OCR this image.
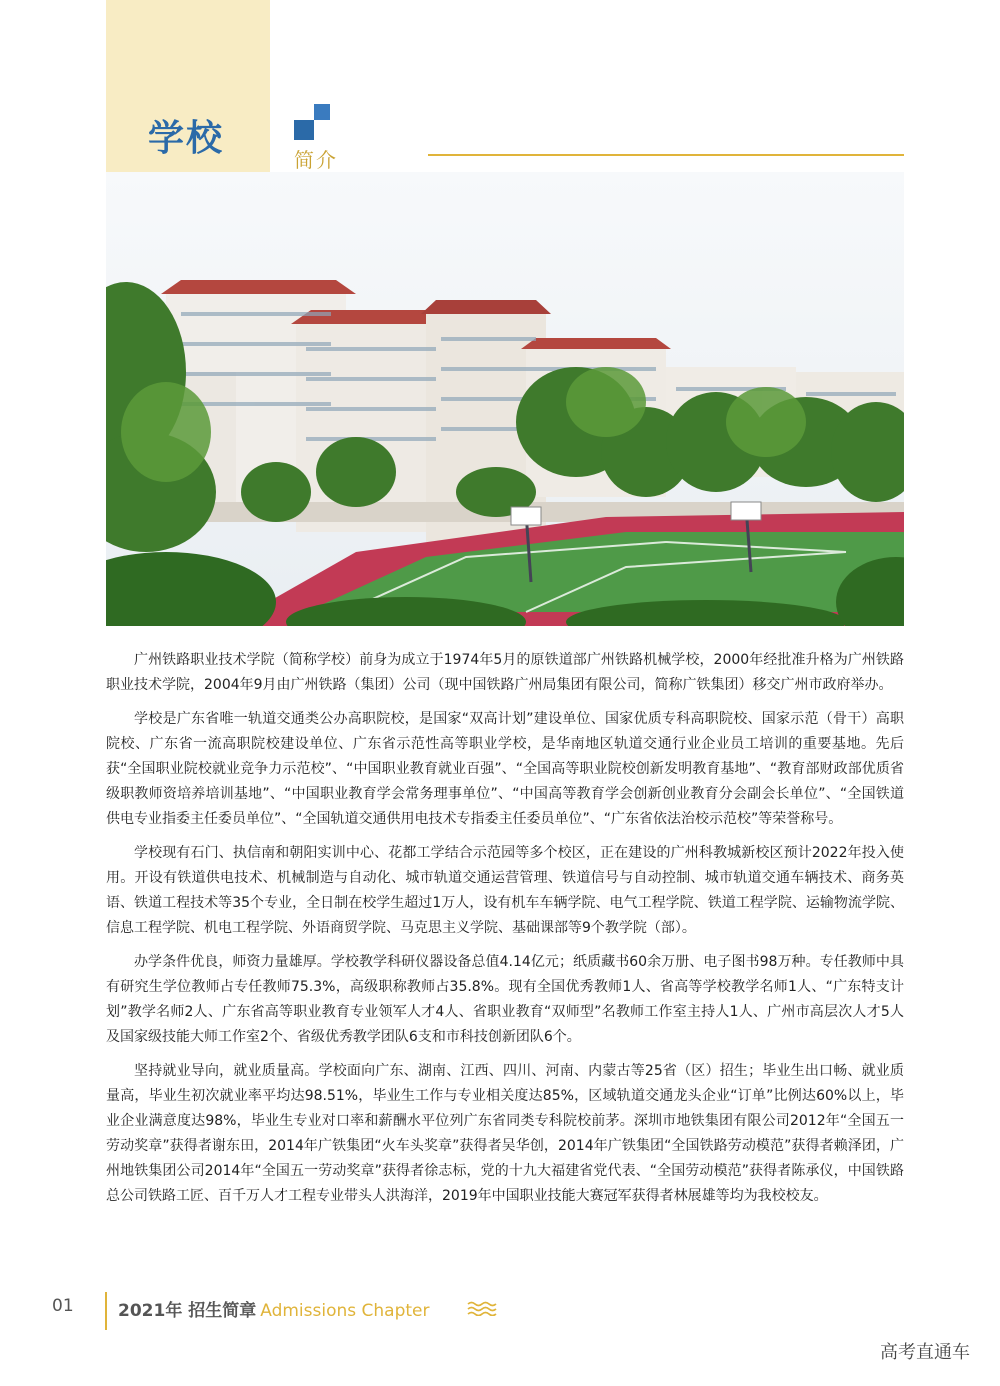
学校
简介

广州铁路职业技术学院（简称学校）前身为成立于1974年5月的原铁道部广州铁路机械学校，2000年经批准升格为广州铁路职业技术学院，2004年9月由广州铁路（集团）公司（现中国铁路广州局集团有限公司，简称广铁集团）移交广州市政府举办。

学校是广东省唯一轨道交通类公办高职院校，是国家“双高计划”建设单位、国家优质专科高职院校、国家示范（骨干）高职院校、广东省一流高职院校建设单位、广东省示范性高等职业学校，是华南地区轨道交通行业企业员工培训的重要基地。先后获“全国职业院校就业竞争力示范校”、“中国职业教育就业百强”、“全国高等职业院校创新发明教育基地”、“教育部财政部优质省级职教师资培养培训基地”、“中国职业教育学会常务理事单位”、“中国高等教育学会创新创业教育分会副会长单位”、“全国铁道供电专业指委主任委员单位”、“全国轨道交通供用电技术专指委主任委员单位”、“广东省依法治校示范校”等荣誉称号。

学校现有石门、执信南和朝阳实训中心、花都工学结合示范园等多个校区，正在建设的广州科教城新校区预计2022年投入使用。开设有铁道供电技术、机械制造与自动化、城市轨道交通运营管理、铁道信号与自动控制、城市轨道交通车辆技术、商务英语、铁道工程技术等35个专业，全日制在校学生超过1万人，设有机车车辆学院、电气工程学院、铁道工程学院、运输物流学院、信息工程学院、机电工程学院、外语商贸学院、马克思主义学院、基础课部等9个教学院（部）。

办学条件优良，师资力量雄厚。学校教学科研仪器设备总值4.14亿元；纸质藏书60余万册、电子图书98万种。专任教师中具有研究生学位教师占专任教师75.3%，高级职称教师占35.8%。现有全国优秀教师1人、省高等学校教学名师1人、“广东特支计划”教学名师2人、广东省高等职业教育专业领军人才4人、省职业教育“双师型”名教师工作室主持人1人、广州市高层次人才5人及国家级技能大师工作室2个、省级优秀教学团队6支和市科技创新团队6个。

坚持就业导向，就业质量高。学校面向广东、湖南、江西、四川、河南、内蒙古等25省（区）招生；毕业生出口畅、就业质量高，毕业生初次就业率平均达98.51%，毕业生工作与专业相关度达85%，区域轨道交通龙头企业“订单”比例达60%以上，毕业企业满意度达98%，毕业生专业对口率和薪酬水平位列广东省同类专科院校前茅。深圳市地铁集团有限公司2012年“全国五一劳动奖章”获得者谢东田，2014年广铁集团“火车头奖章”获得者吴华创，2014年广铁集团“全国铁路劳动模范”获得者赖泽团，广州地铁集团公司2014年“全国五一劳动奖章”获得者徐志标，党的十九大福建省党代表、“全国劳动模范”获得者陈承仪，中国铁路总公司铁路工匠、百千万人才工程专业带头人洪海洋，2019年中国职业技能大赛冠军获得者林展雄等均为我校校友。

01	2021年 招生简章 Admissions Chapter
高考直通车
